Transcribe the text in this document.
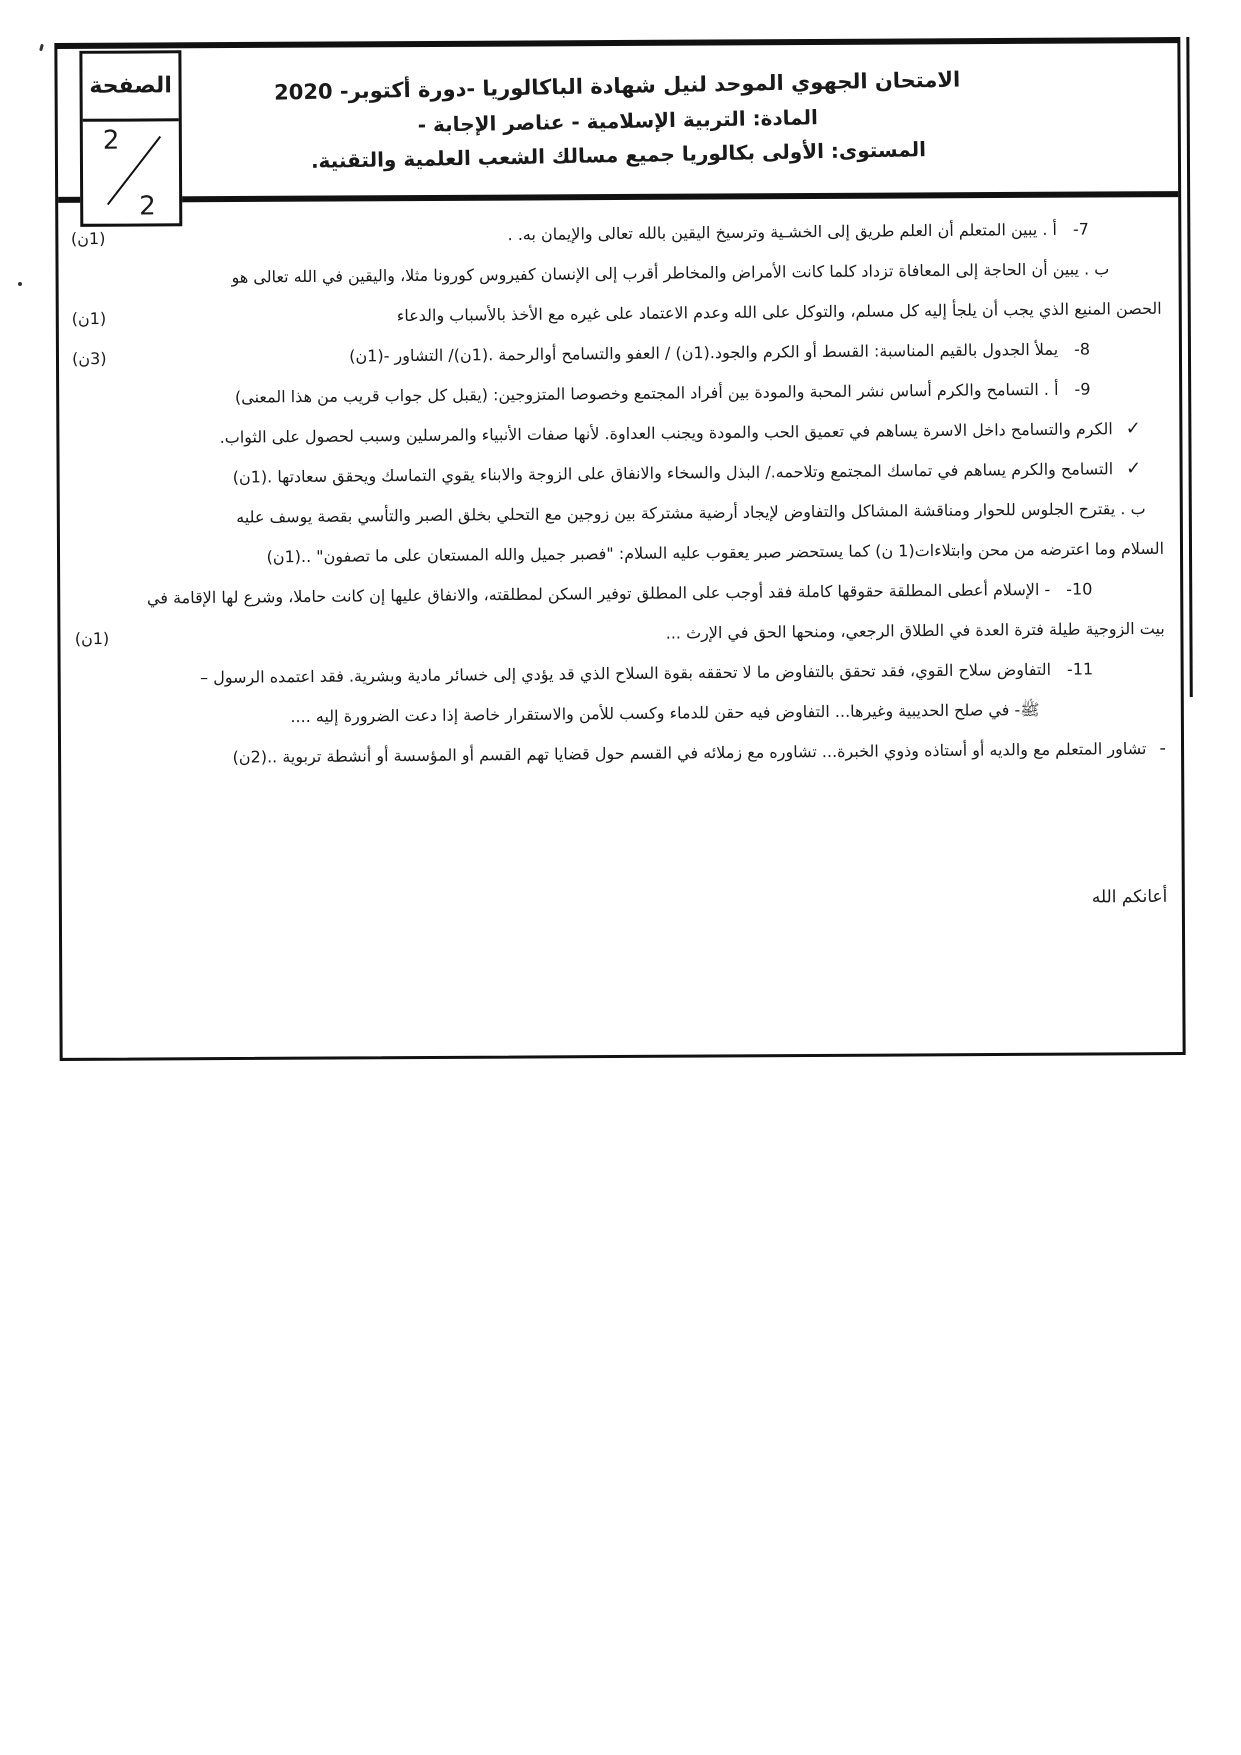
الصفحة
2
2
الامتحان الجهوي الموحد لنيل شهادة الباكالوريا -دورة أكتوبر- 2020
المادة: التربية الإسلامية - عناصر الإجابة -
المستوى: الأولى بكالوريا جميع مسالك الشعب العلمية والتقنية.
(1ن)	7-أ . يبين المتعلم أن العلم طريق إلى الخشـية وترسيخ اليقين بالله تعالى والإيمان به. .
ب . يبين أن الحاجة إلى المعافاة تزداد كلما كانت الأمراض والمخاطر أقرب إلى الإنسان كفيروس كورونا مثلا، واليقين في الله تعالى هو
(1ن)	الحصن المنيع الذي يجب أن يلجأ إليه كل مسلم، والتوكل على الله وعدم الاعتماد على غيره مع الأخذ بالأسباب والدعاء
(3ن)	8-يملأ الجدول بالقيم المناسبة: القسط أو الكرم والجود.(1ن) / العفو والتسامح أوالرحمة .(1ن)/ التشاور -(1ن)
9-أ . التسامح والكرم أساس نشر المحبة والمودة بين أفراد المجتمع وخصوصا المتزوجين: (يقبل كل جواب قريب من هذا المعنى)
✓الكرم والتسامح داخل الاسرة يساهم في تعميق الحب والمودة ويجنب العداوة. لأنها صفات الأنبياء والمرسلين وسبب لحصول على الثواب.
✓التسامح والكرم يساهم في تماسك المجتمع وتلاحمه./ البذل والسخاء والانفاق على الزوجة والابناء يقوي التماسك ويحقق سعادتها .(1ن)
ب . يقترح الجلوس للحوار ومناقشة المشاكل والتفاوض لإيجاد أرضية مشتركة بين زوجين مع التحلي بخلق الصبر والتأسي بقصة يوسف عليه
السلام وما اعترضه من محن وابتلاءات(1 ن) كما يستحضر صبر يعقوب عليه السلام: "فصبر جميل والله المستعان على ما تصفون" ..(1ن)
10-- الإسلام أعطى المطلقة حقوقها كاملة فقد أوجب على المطلق توفير السكن لمطلقته، والانفاق عليها إن كانت حاملا، وشرع لها الإقامة في
(1ن)	بيت الزوجية طيلة فترة العدة في الطلاق الرجعي، ومنحها الحق في الإرث ...
11-التفاوض سلاح القوي، فقد تحقق بالتفاوض ما لا تحققه بقوة السلاح الذي قد يؤدي إلى خسائر مادية وبشرية. فقد اعتمده الرسول –
ﷺ- في صلح الحديبية وغيرها... التفاوض فيه حقن للدماء وكسب للأمن والاستقرار خاصة إذا دعت الضرورة إليه ....
-تشاور المتعلم مع والديه أو أستاذه وذوي الخبرة... تشاوره مع زملائه في القسم حول قضايا تهم القسم أو المؤسسة أو أنشطة تربوية ..(2ن)
أعانكم الله
